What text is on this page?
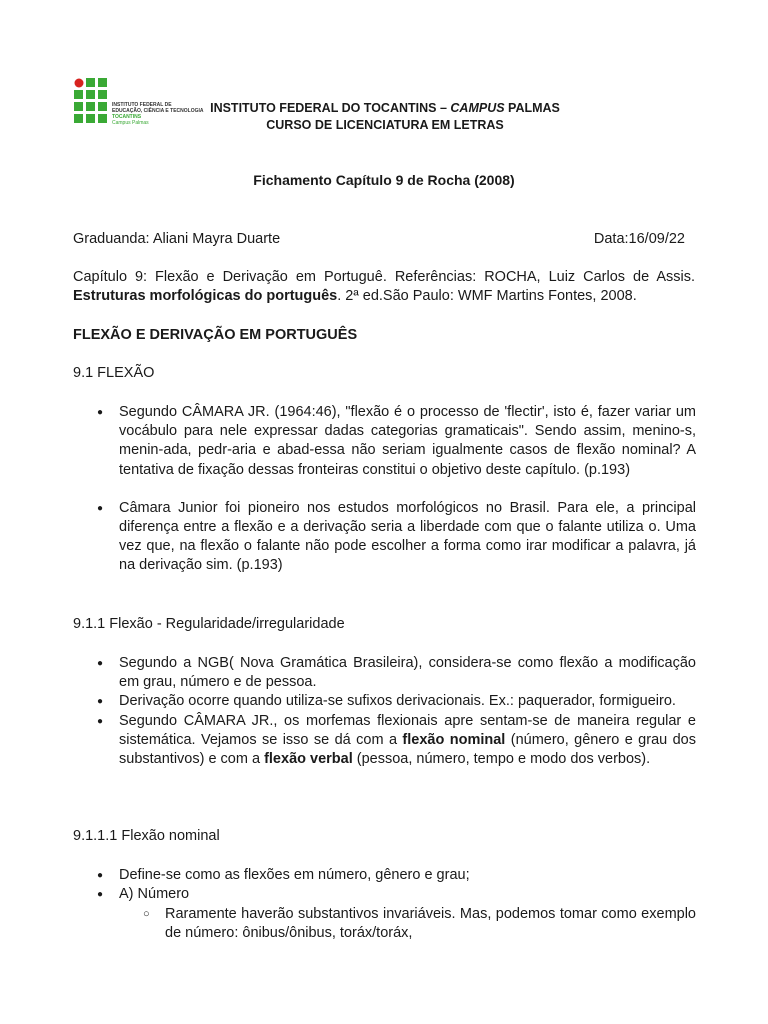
INSTITUTO FEDERAL DE
EDUCAÇÃO, CIÊNCIA E TECNOLOGIA
TOCANTINS
Campus Palmas
INSTITUTO FEDERAL DO TOCANTINS – CAMPUS PALMAS
CURSO DE LICENCIATURA EM LETRAS
Fichamento Capítulo 9 de Rocha (2008)
Graduanda: Aliani Mayra Duarte	Data:16/09/22
Capítulo 9: Flexão e Derivação em Portuguê. Referências: ROCHA, Luiz Carlos de Assis. Estruturas morfológicas do português. 2ª ed.São Paulo: WMF Martins Fontes, 2008.
FLEXÃO E DERIVAÇÃO EM PORTUGUÊS
9.1 FLEXÃO
● Segundo CÂMARA JR. (1964:46), "flexão é o processo de 'flectir', isto é, fazer variar um vocábulo para nele expressar dadas categorias gramaticais". Sendo assim, menino-s, menin-ada, pedr-aria e abad-essa não seriam igualmente casos de flexão nominal? A tentativa de fixação dessas fronteiras constitui o objetivo deste capítulo. (p.193)
● Câmara Junior foi pioneiro nos estudos morfológicos no Brasil. Para ele, a principal diferença entre a flexão e a derivação seria a liberdade com que o falante utiliza o. Uma vez que, na flexão o falante não pode escolher a forma como irar modificar a palavra, já na derivação sim. (p.193)
9.1.1 Flexão - Regularidade/irregularidade
● Segundo a NGB( Nova Gramática Brasileira), considera-se como flexão a modificação em grau, número e de pessoa.
● Derivação ocorre quando utiliza-se sufixos derivacionais. Ex.: paquerador, formigueiro.
● Segundo CÂMARA JR., os morfemas flexionais apre sentam-se de maneira regular e sistemática. Vejamos se isso se dá com a flexão nominal (número, gênero e grau dos substantivos) e com a flexão verbal (pessoa, número, tempo e modo dos verbos).
9.1.1.1 Flexão nominal
● Define-se como as flexões em número, gênero e grau;
● A) Número
○ Raramente haverão substantivos invariáveis. Mas, podemos tomar como exemplo de número: ônibus/ônibus, toráx/toráx,
